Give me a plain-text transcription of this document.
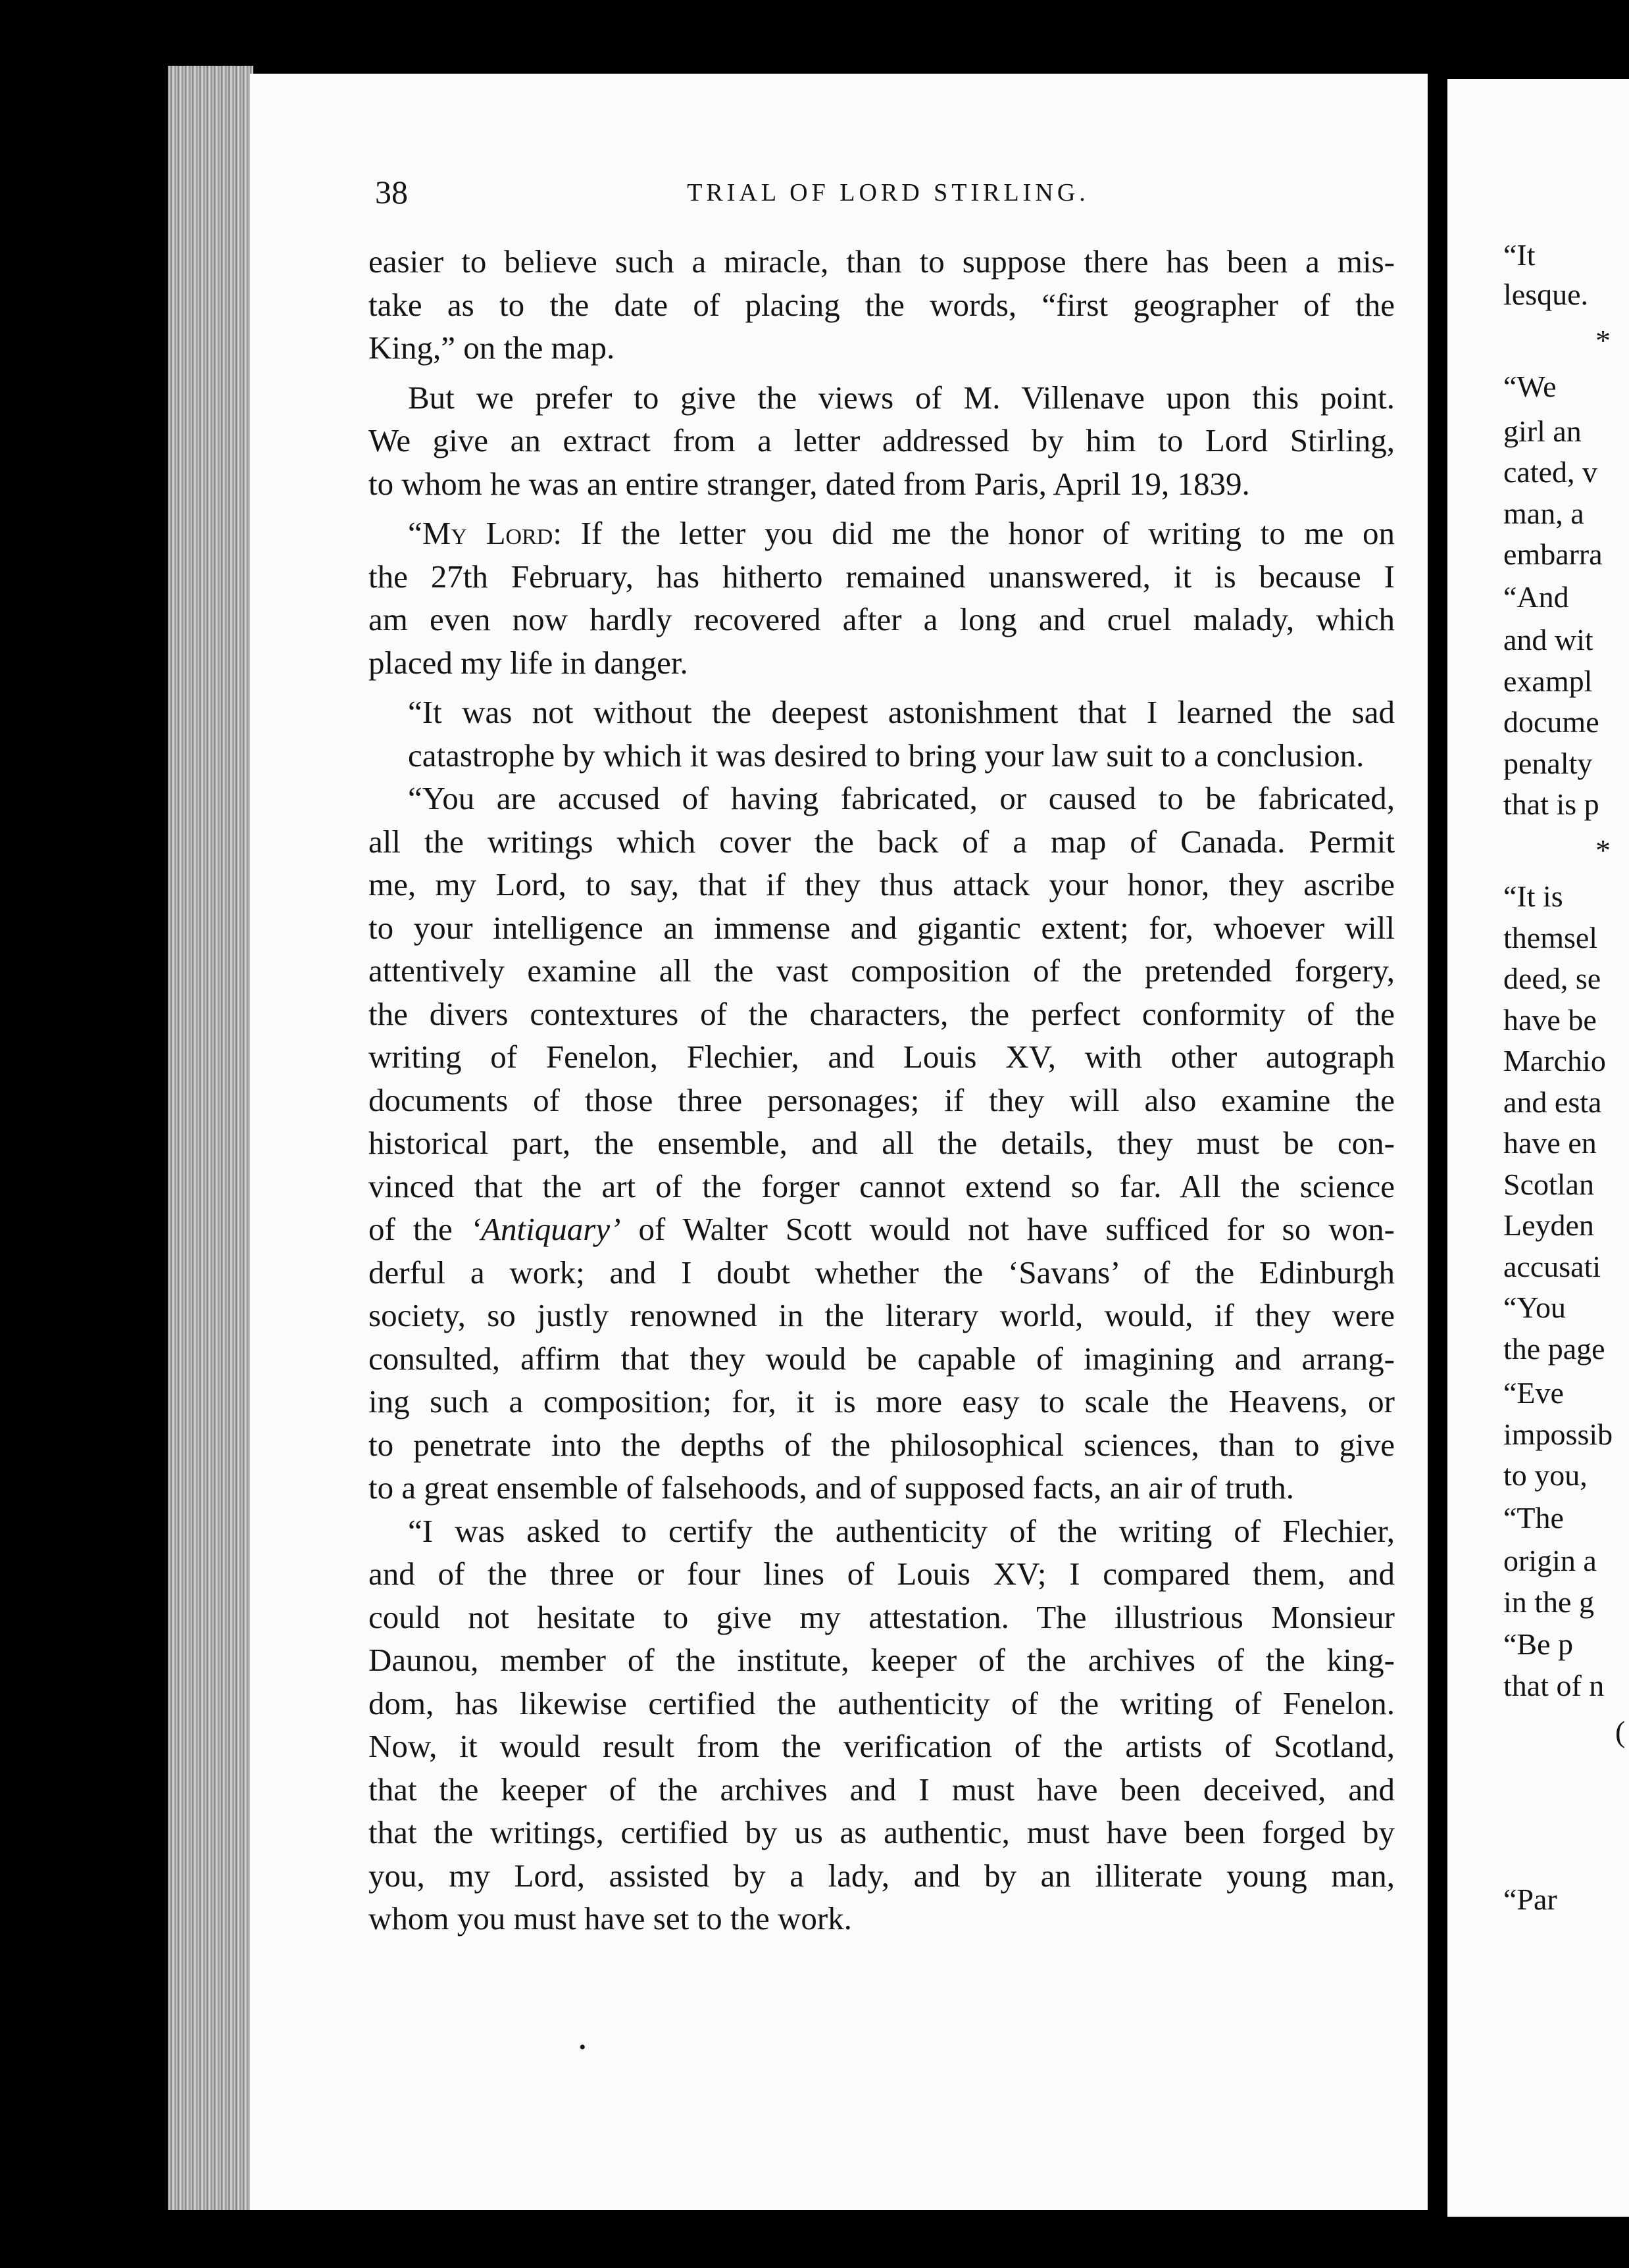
38	TRIAL OF LORD STIRLING.
easier to believe such a miracle, than to suppose there has been a mis-
take as to the date of placing the words, “first geographer of the
King,” on the map.
But we prefer to give the views of M. Villenave upon this point.
We give an extract from a letter addressed by him to Lord Stirling,
to whom he was an entire stranger, dated from Paris, April 19, 1839.
“My Lord: If the letter you did me the honor of writing to me on
the 27th February, has hitherto remained unanswered, it is because I
am even now hardly recovered after a long and cruel malady, which
placed my life in danger.
“It was not without the deepest astonishment that I learned the sad
catastrophe by which it was desired to bring your law suit to a conclusion.
“You are accused of having fabricated, or caused to be fabricated,
all the writings which cover the back of a map of Canada. Permit
me, my Lord, to say, that if they thus attack your honor, they ascribe
to your intelligence an immense and gigantic extent; for, whoever will
attentively examine all the vast composition of the pretended forgery,
the divers contextures of the characters, the perfect conformity of the
writing of Fenelon, Flechier, and Louis XV, with other autograph
documents of those three personages; if they will also examine the
historical part, the ensemble, and all the details, they must be con-
vinced that the art of the forger cannot extend so far. All the science
of the ‘Antiquary’ of Walter Scott would not have sufficed for so won-
derful a work; and I doubt whether the ‘Savans’ of the Edinburgh
society, so justly renowned in the literary world, would, if they were
consulted, affirm that they would be capable of imagining and arrang-
ing such a composition; for, it is more easy to scale the Heavens, or
to penetrate into the depths of the philosophical sciences, than to give
to a great ensemble of falsehoods, and of supposed facts, an air of truth.
“I was asked to certify the authenticity of the writing of Flechier,
and of the three or four lines of Louis XV; I compared them, and
could not hesitate to give my attestation. The illustrious Monsieur
Daunou, member of the institute, keeper of the archives of the king-
dom, has likewise certified the authenticity of the writing of Fenelon.
Now, it would result from the verification of the artists of Scotland,
that the keeper of the archives and I must have been deceived, and
that the writings, certified by us as authentic, must have been forged by
you, my Lord, assisted by a lady, and by an illiterate young man,
whom you must have set to the work.
•
“It
lesque.
*
“We
girl an
cated, v
man, a
embarra
“And
and wit
exampl
docume
penalty
that is p
*
“It is
themsel
deed, se
have be
Marchio
and esta
have en
Scotlan
Leyden
accusati
“You
the page
“Eve
impossib
to you,
“The
origin a
in the g
“Be p
that of n
(
“Par
